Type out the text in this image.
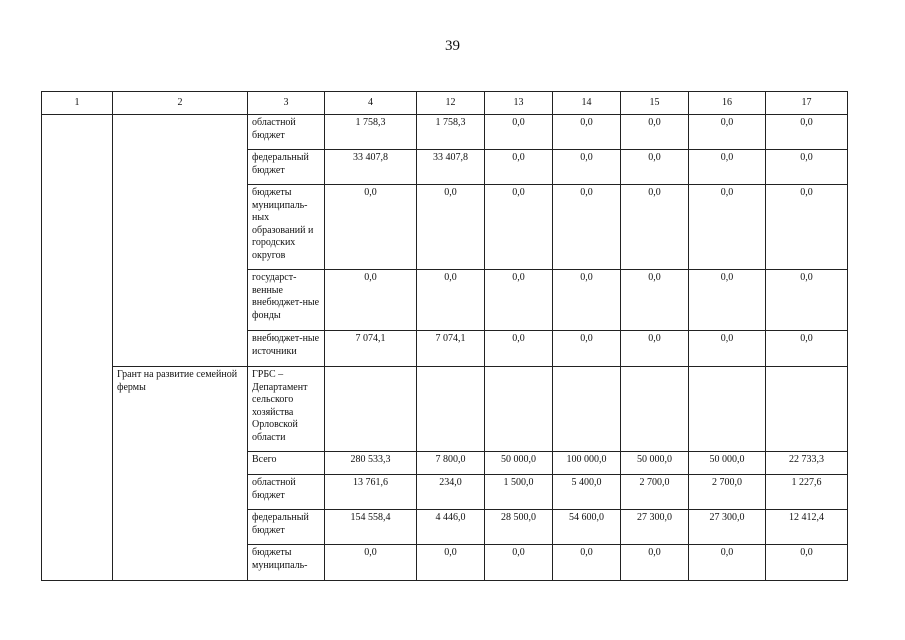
39
1	2	3	4	12	13	14	15	16	17
		областной бюджет	1 758,3	1 758,3	0,0	0,0	0,0	0,0	0,0
		федеральный бюджет	33 407,8	33 407,8	0,0	0,0	0,0	0,0	0,0
		бюджеты муниципаль-ных образований и городских округов	0,0	0,0	0,0	0,0	0,0	0,0	0,0
		государст-венные внебюджет-ные фонды	0,0	0,0	0,0	0,0	0,0	0,0	0,0
		внебюджет-ные источники	7 074,1	7 074,1	0,0	0,0	0,0	0,0	0,0
	Грант на развитие семейной фермы	ГРБС – Департамент сельского хозяйства Орловской области							
		Всего	280 533,3	7 800,0	50 000,0	100 000,0	50 000,0	50 000,0	22 733,3
		областной бюджет	13 761,6	234,0	1 500,0	5 400,0	2 700,0	2 700,0	1 227,6
		федеральный бюджет	154 558,4	4 446,0	28 500,0	54 600,0	27 300,0	27 300,0	12 412,4
		бюджеты муниципаль-	0,0	0,0	0,0	0,0	0,0	0,0	0,0
